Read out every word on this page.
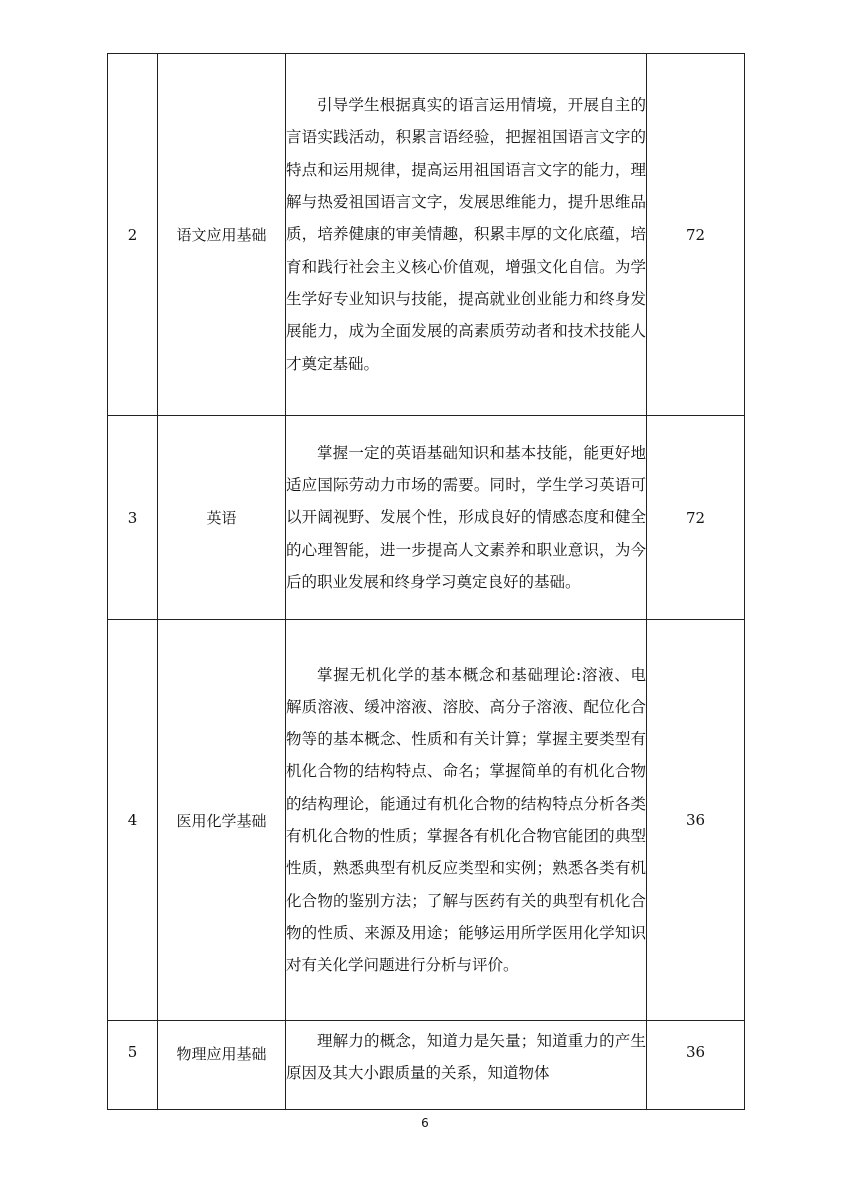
2	语文应用基础	引导学生根据真实的语言运用情境，开展自主的言语实践活动，积累言语经验，把握祖国语言文字的特点和运用规律，提高运用祖国语言文字的能力，理解与热爱祖国语言文字，发展思维能力，提升思维品质，培养健康的审美情趣，积累丰厚的文化底蕴，培育和践行社会主义核心价值观，增强文化自信。为学生学好专业知识与技能，提高就业创业能力和终身发展能力，成为全面发展的高素质劳动者和技术技能人才奠定基础。	72
3	英语	掌握一定的英语基础知识和基本技能，能更好地适应国际劳动力市场的需要。同时，学生学习英语可以开阔视野、发展个性，形成良好的情感态度和健全的心理智能，进一步提高人文素养和职业意识，为今后的职业发展和终身学习奠定良好的基础。	72
4	医用化学基础	掌握无机化学的基本概念和基础理论:溶液、电解质溶液、缓冲溶液、溶胶、高分子溶液、配位化合物等的基本概念、性质和有关计算；掌握主要类型有机化合物的结构特点、命名；掌握简单的有机化合物的结构理论，能通过有机化合物的结构特点分析各类有机化合物的性质；掌握各有机化合物官能团的典型性质，熟悉典型有机反应类型和实例；熟悉各类有机化合物的鉴别方法；了解与医药有关的典型有机化合物的性质、来源及用途；能够运用所学医用化学知识对有关化学问题进行分析与评价。	36
5	物理应用基础	理解力的概念，知道力是矢量；知道重力的产生原因及其大小跟质量的关系，知道物体	36
6
